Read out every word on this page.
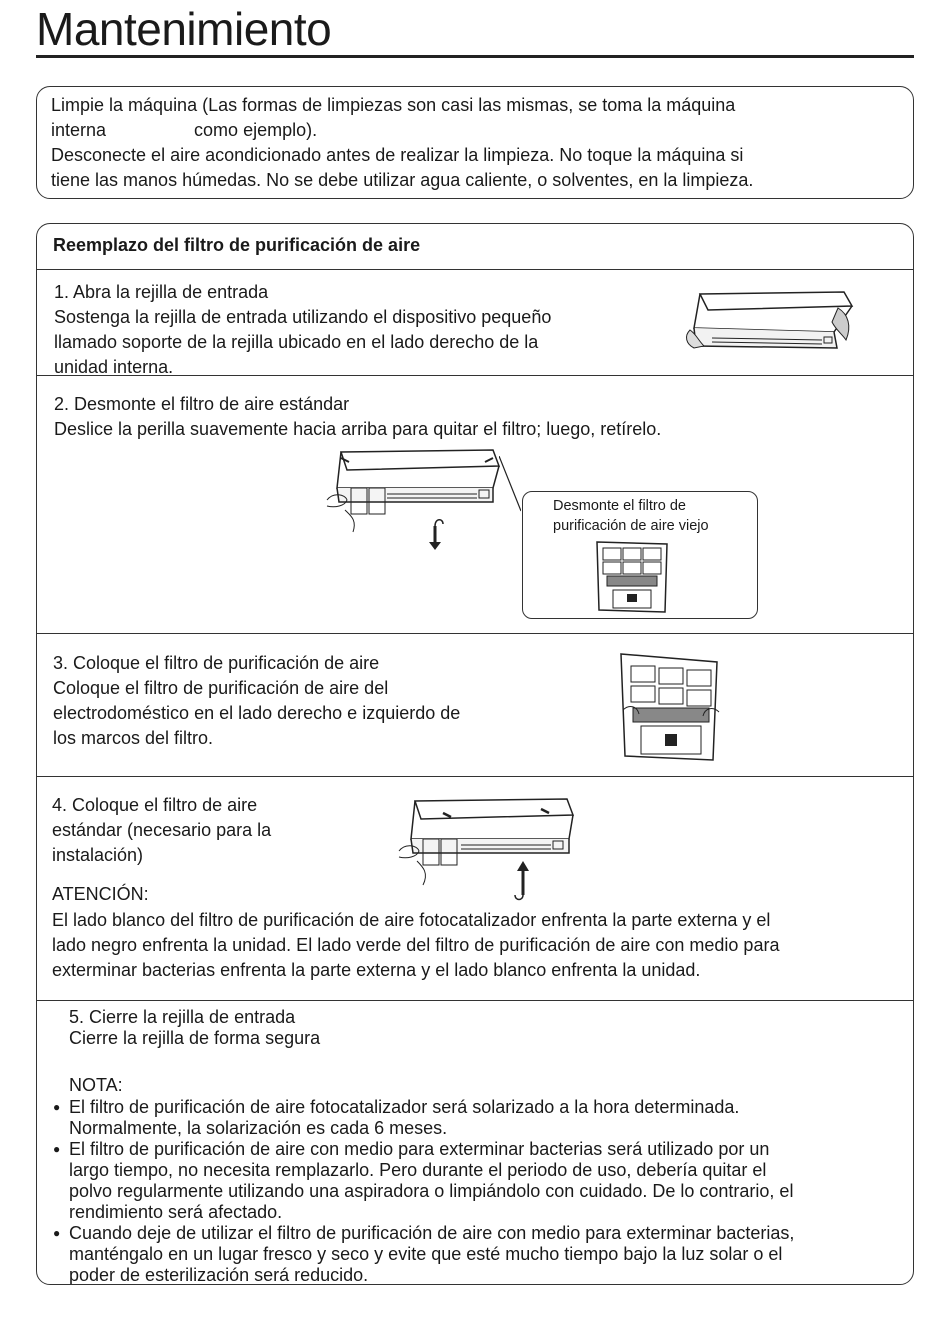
Mantenimiento
Limpie la máquina (Las formas de limpiezas son casi las mismas, se toma la máquina
interna	como ejemplo).
Desconecte el aire acondicionado antes de realizar la limpieza. No toque la máquina si
tiene las manos húmedas. No se debe utilizar agua caliente, o solventes, en la limpieza.
Reemplazo del filtro de purificación de aire
1. Abra la rejilla de entrada
Sostenga la rejilla de entrada utilizando el dispositivo pequeño
llamado soporte de la rejilla ubicado en el lado derecho de la
unidad interna.
2. Desmonte el filtro de aire estándar
Deslice la perilla suavemente hacia arriba para quitar el filtro; luego, retírelo.
Desmonte el filtro de
purificación de aire viejo
3. Coloque el filtro de purificación de aire
Coloque el filtro de purificación de aire del
electrodoméstico en el lado derecho e izquierdo de
los marcos del filtro.
4. Coloque el filtro de aire
estándar (necesario para la
instalación)
ATENCIÓN:
El lado blanco del filtro de purificación de aire fotocatalizador enfrenta la parte externa y el
lado negro enfrenta la unidad. El lado verde del filtro de purificación de aire con medio para
exterminar bacterias enfrenta la parte externa y el lado blanco enfrenta la unidad.
5. Cierre la rejilla de entrada
Cierre la rejilla de forma segura
NOTA:
● El filtro de purificación de aire fotocatalizador será solarizado a la hora determinada.
Normalmente, la solarización es cada 6 meses.
● El filtro de purificación de aire con medio para exterminar bacterias será utilizado por un
largo tiempo, no necesita remplazarlo. Pero durante el periodo de uso, debería quitar el
polvo regularmente utilizando una aspiradora o limpiándolo con cuidado. De lo contrario, el
rendimiento será afectado.
● Cuando deje de utilizar el filtro de purificación de aire con medio para exterminar bacterias,
manténgalo en un lugar fresco y seco y evite que esté mucho tiempo bajo la luz solar o el
poder de esterilización será reducido.
